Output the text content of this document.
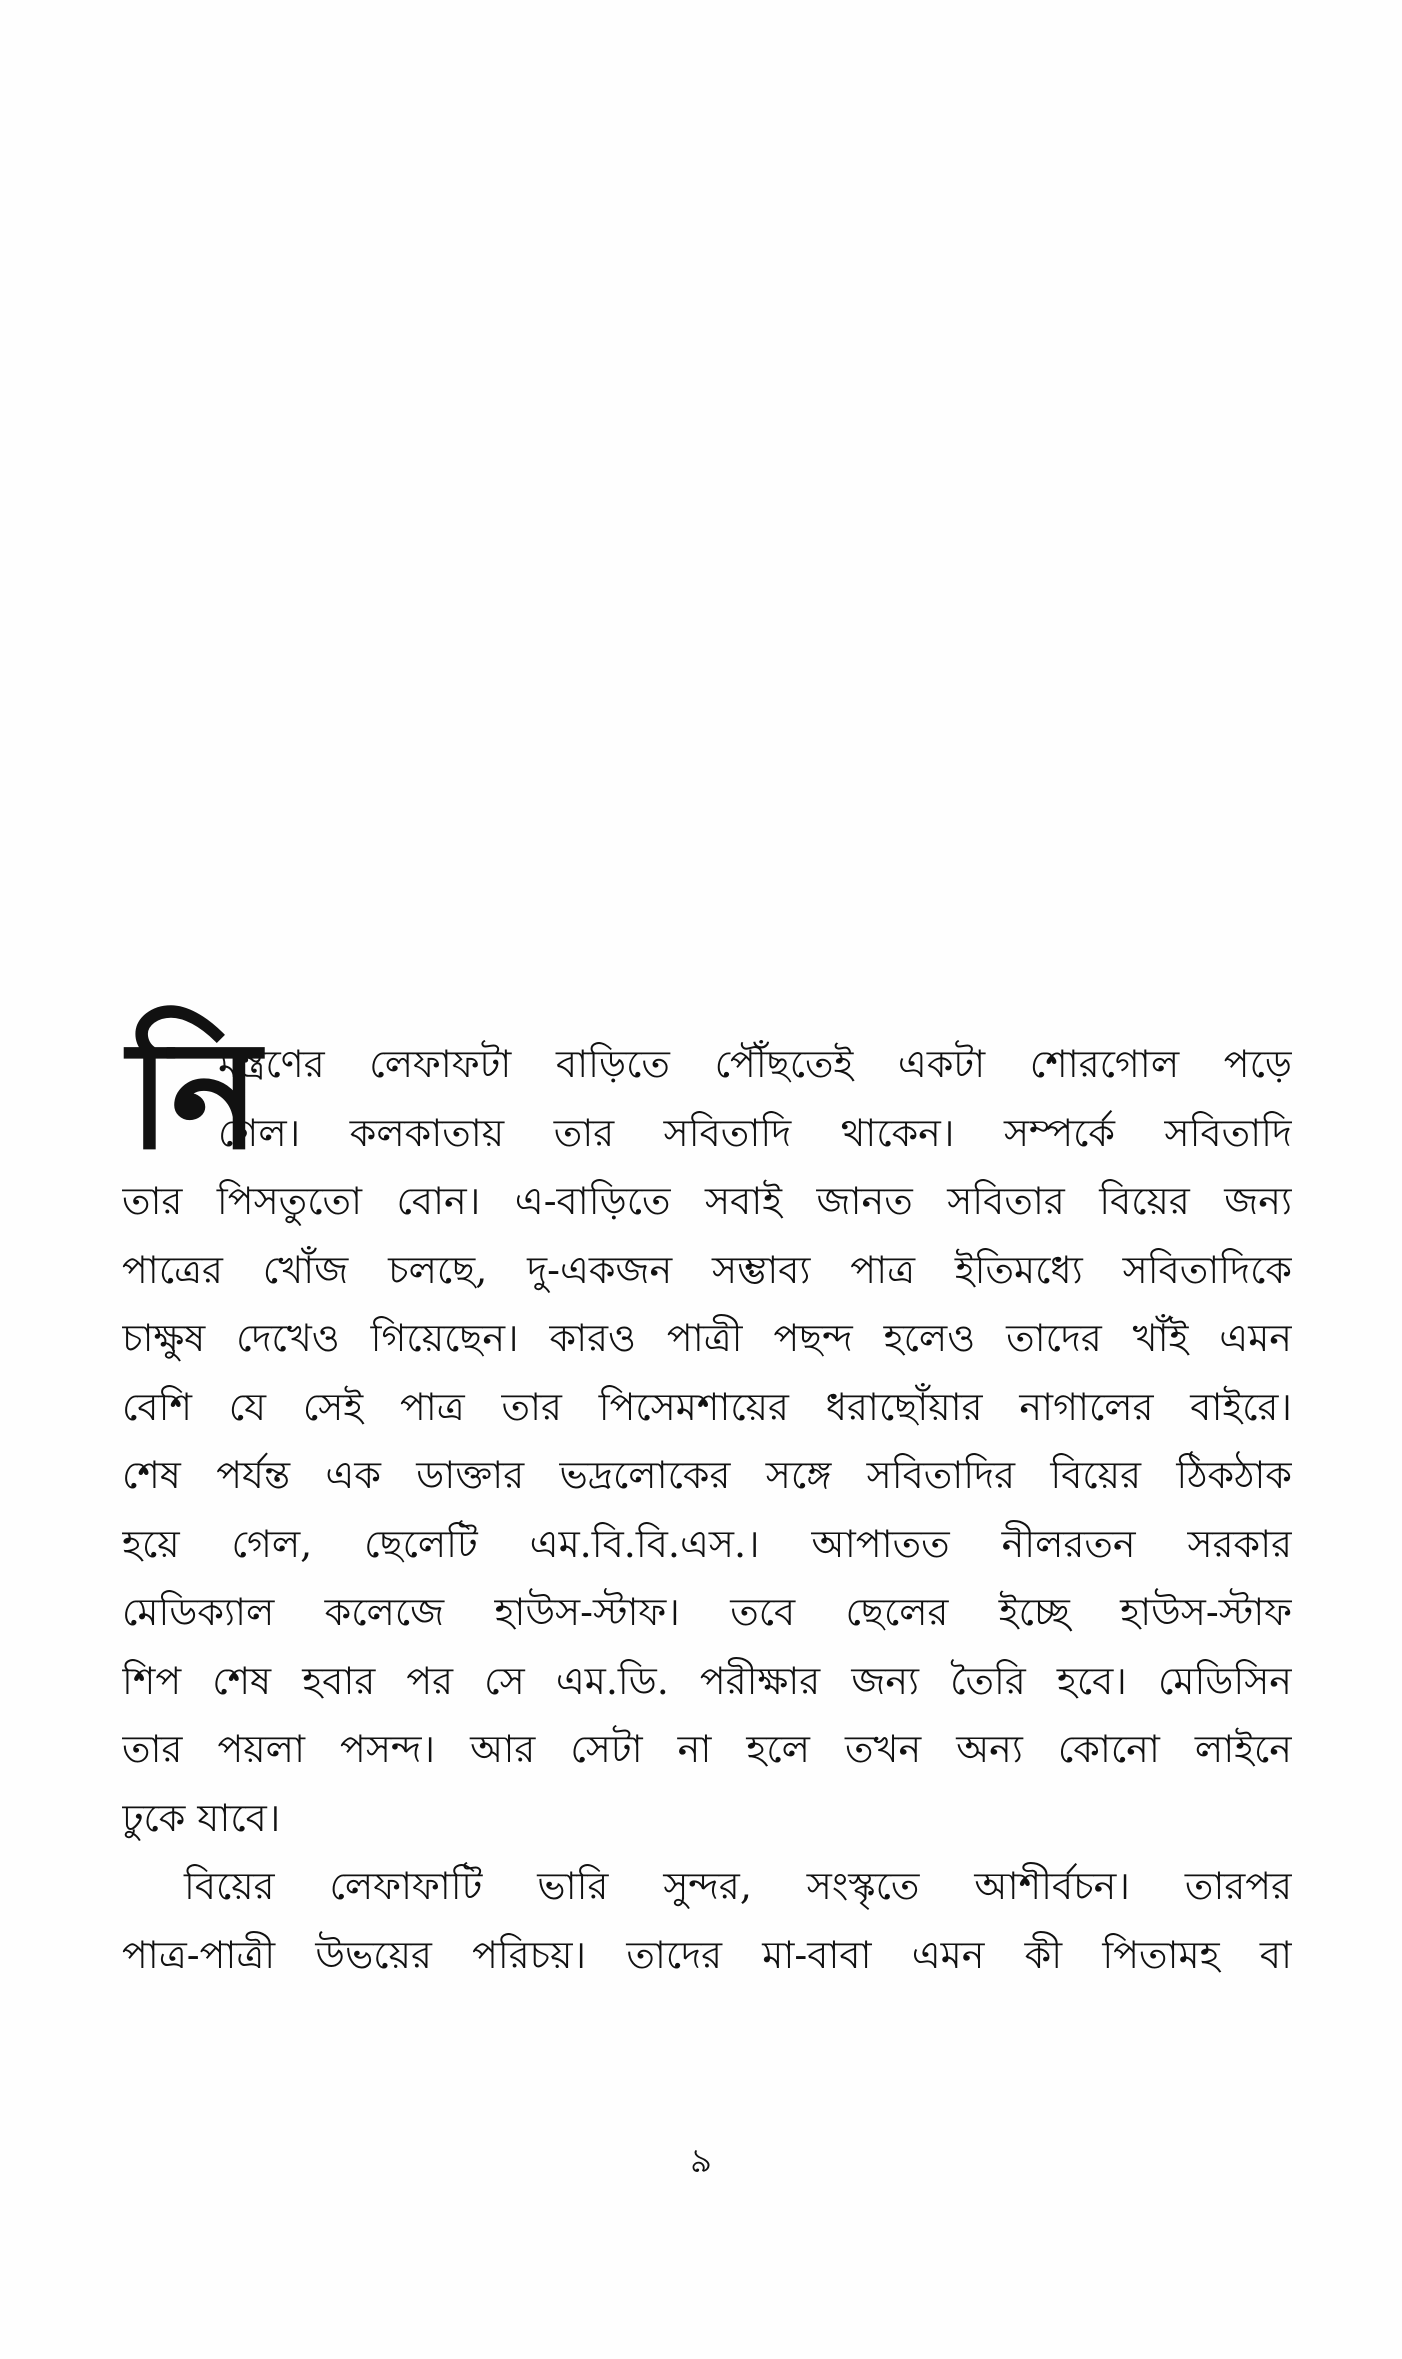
নি
মন্ত্রণের লেফাফটা বাড়িতে পৌঁছতেই একটা শোরগোল পড়ে
গেল। কলকাতায় তার সবিতাদি থাকেন। সম্পর্কে সবিতাদি
তার পিসতুতো বোন। এ-বাড়িতে সবাই জানত সবিতার বিয়ের জন্য
পাত্রের খোঁজ চলছে, দু-একজন সম্ভাব্য পাত্র ইতিমধ্যে সবিতাদিকে
চাক্ষুষ দেখেও গিয়েছেন। কারও পাত্রী পছন্দ হলেও তাদের খাঁই এমন
বেশি যে সেই পাত্র তার পিসেমশায়ের ধরাছোঁয়ার নাগালের বাইরে।
শেষ পর্যন্ত এক ডাক্তার ভদ্রলোকের সঙ্গে সবিতাদির বিয়ের ঠিকঠাক
হয়ে গেল, ছেলেটি এম.বি.বি.এস.। আপাতত নীলরতন সরকার
মেডিক্যাল কলেজে হাউস-স্টাফ। তবে ছেলের ইচ্ছে হাউস-স্টাফ
শিপ শেষ হবার পর সে এম.ডি. পরীক্ষার জন্য তৈরি হবে। মেডিসিন
তার পয়লা পসন্দ। আর সেটা না হলে তখন অন্য কোনো লাইনে
ঢুকে যাবে।
বিয়ের লেফাফাটি ভারি সুন্দর, সংস্কৃতে আশীর্বচন। তারপর
পাত্র-পাত্রী উভয়ের পরিচয়। তাদের মা-বাবা এমন কী পিতামহ বা
৯
